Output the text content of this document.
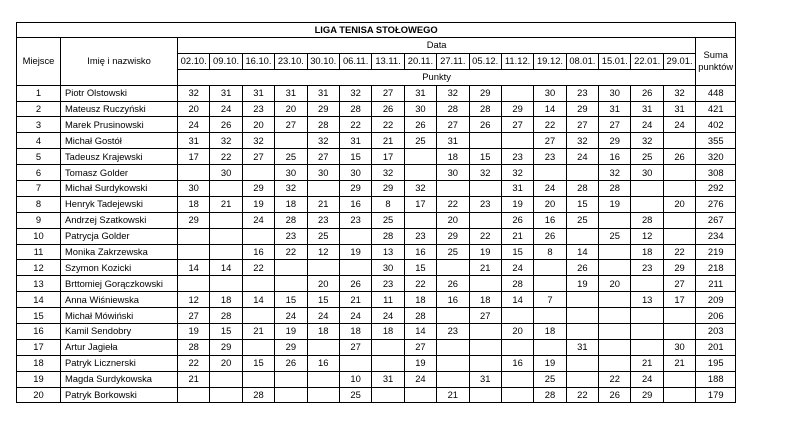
LIGA TENISA STOŁOWEGO																		
Miejsce	Imię i nazwisko	Data																Suma punktów
		02.10.	09.10.	16.10.	23.10.	30.10.	06.11.	13.11.	20.11.	27.11.	05.12.	11.12.	19.12.	08.01.	15.01.	22.01.	29.01.	
		Punkty																
1	Piotr Olstowski	32	31	31	31	31	32	27	31	32	29		30	23	30	26	32	448
2	Mateusz Ruczyński	20	24	23	20	29	28	26	30	28	28	29	14	29	31	31	31	421
3	Marek Prusinowski	24	26	20	27	28	22	22	26	27	26	27	22	27	27	24	24	402
4	Michał Gostół	31	32	32		32	31	21	25	31			27	32	29	32		355
5	Tadeusz Krajewski	17	22	27	25	27	15	17		18	15	23	23	24	16	25	26	320
6	Tomasz Golder		30		30	30	30	32		30	32	32			32	30		308
7	Michał Surdykowski	30		29	32		29	29	32			31	24	28	28			292
8	Henryk Tadejewski	18	21	19	18	21	16	8	17	22	23	19	20	15	19		20	276
9	Andrzej Szatkowski	29		24	28	23	23	25		20		26	16	25		28		267
10	Patrycja Golder				23	25		28	23	29	22	21	26		25	12		234
11	Monika Zakrzewska			16	22	12	19	13	16	25	19	15	8	14		18	22	219
12	Szymon Kozicki	14	14	22				30	15		21	24		26		23	29	218
13	Brttomiej Gorączkowski					20	26	23	22	26		28		19	20		27	211
14	Anna Wiśniewska	12	18	14	15	15	21	11	18	16	18	14	7			13	17	209
15	Michał Mówiński	27	28		24	24	24	24	28		27							206
16	Kamil Sendobry	19	15	21	19	18	18	18	14	23		20	18					203
17	Artur Jagieła	28	29		29		27		27					31			30	201
18	Patryk Licznerski	22	20	15	26	16			19			16	19			21	21	195
19	Magda Surdykowska	21					10	31	24		31		25		22	24		188
20	Patryk Borkowski			28			25			21			28	22	26	29		179
